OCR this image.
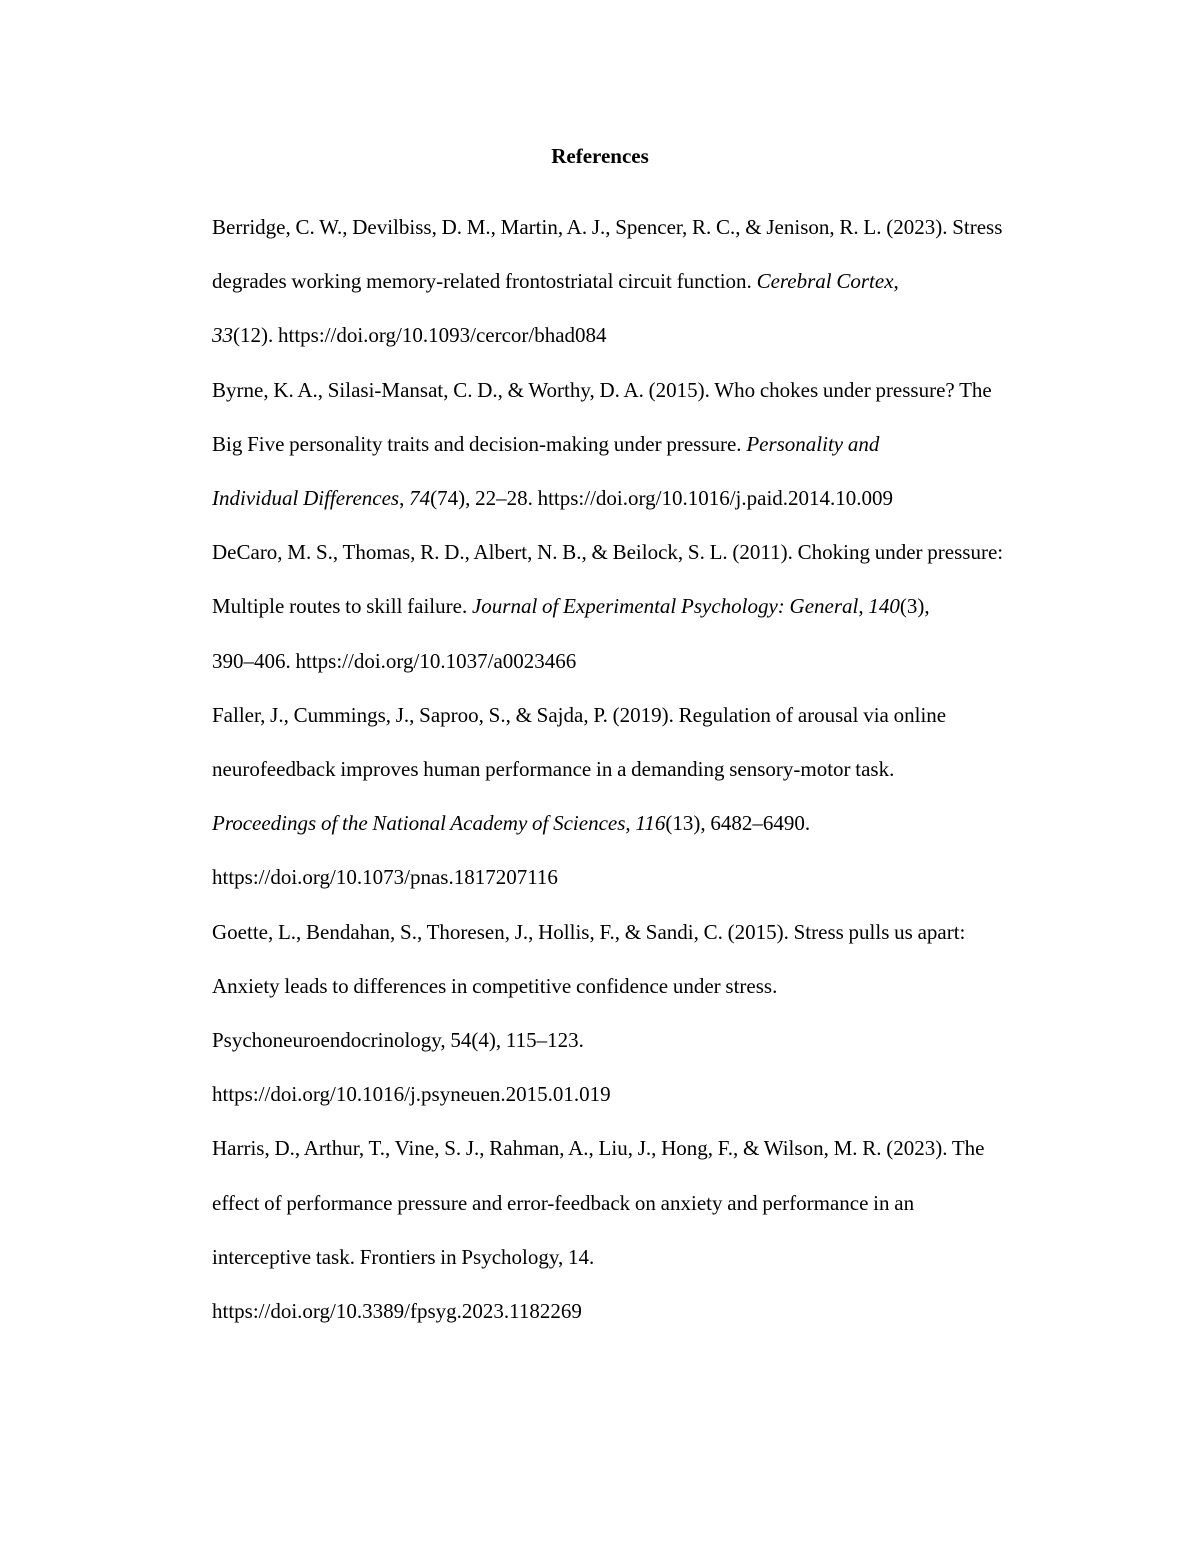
References
Berridge, C. W., Devilbiss, D. M., Martin, A. J., Spencer, R. C., & Jenison, R. L. (2023). Stress
degrades working memory-related frontostriatal circuit function. Cerebral Cortex,
33(12). https://doi.org/10.1093/cercor/bhad084
Byrne, K. A., Silasi-Mansat, C. D., & Worthy, D. A. (2015). Who chokes under pressure? The
Big Five personality traits and decision-making under pressure. Personality and
Individual Differences, 74(74), 22–28. https://doi.org/10.1016/j.paid.2014.10.009
DeCaro, M. S., Thomas, R. D., Albert, N. B., & Beilock, S. L. (2011). Choking under pressure:
Multiple routes to skill failure. Journal of Experimental Psychology: General, 140(3),
390–406. https://doi.org/10.1037/a0023466
Faller, J., Cummings, J., Saproo, S., & Sajda, P. (2019). Regulation of arousal via online
neurofeedback improves human performance in a demanding sensory-motor task.
Proceedings of the National Academy of Sciences, 116(13), 6482–6490.
https://doi.org/10.1073/pnas.1817207116
Goette, L., Bendahan, S., Thoresen, J., Hollis, F., & Sandi, C. (2015). Stress pulls us apart:
Anxiety leads to differences in competitive confidence under stress.
Psychoneuroendocrinology, 54(4), 115–123.
https://doi.org/10.1016/j.psyneuen.2015.01.019
Harris, D., Arthur, T., Vine, S. J., Rahman, A., Liu, J., Hong, F., & Wilson, M. R. (2023). The
effect of performance pressure and error-feedback on anxiety and performance in an
interceptive task. Frontiers in Psychology, 14.
https://doi.org/10.3389/fpsyg.2023.1182269
